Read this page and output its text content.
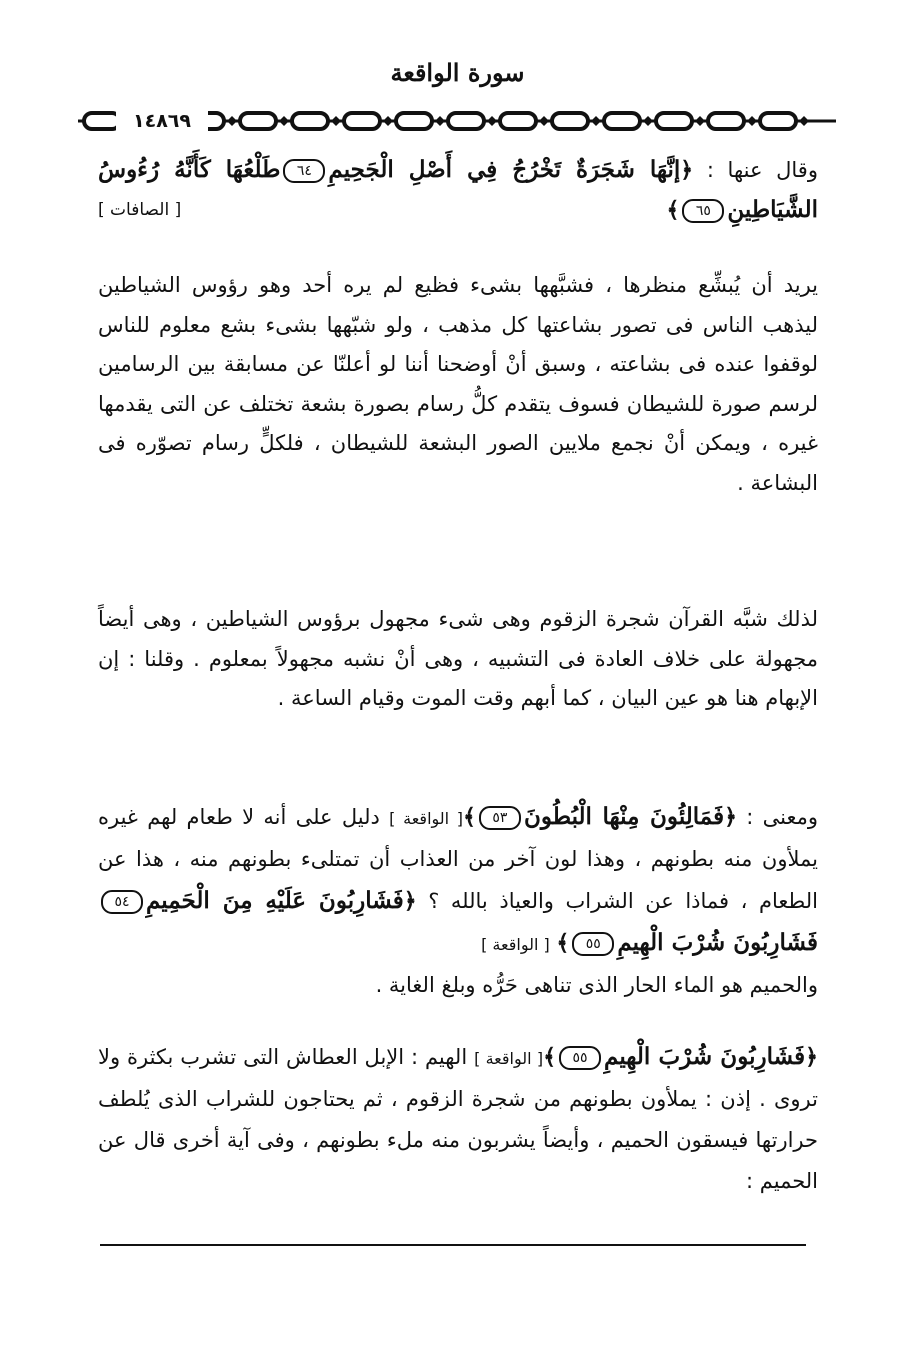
سورة الواقعة
١٤٨٦٩

وقال عنها : ﴿إنَّهَا شَجَرَةٌ تَخْرُجُ فِي أَصْلِ الْجَحِيمِ٦٤طَلْعُهَا كَأَنَّهُ رُءُوسُ الشَّيَاطِينِ٦٥﴾
[ الصافات ]

يريد أن يُبشِّع منظرها ، فشبَّهها بشىء فظيع لم يره أحد وهو رؤوس الشياطين ليذهب الناس فى تصور بشاعتها كل مذهب ، ولو شبّهها بشىء بشع معلوم للناس لوقفوا عنده فى بشاعته ، وسبق أنْ أوضحنا أننا لو أعلنّا عن مسابقة بين الرسامين لرسم صورة للشيطان فسوف يتقدم كلُّ رسام بصورة بشعة تختلف عن التى يقدمها غيره ، ويمكن أنْ نجمع ملايين الصور البشعة للشيطان ، فلكلٍّ رسام تصوّره فى البشاعة .

لذلك شبَّه القرآن شجرة الزقوم وهى شىء مجهول برؤوس الشياطين ، وهى أيضاً مجهولة على خلاف العادة فى التشبيه ، وهى أنْ نشبه مجهولاً بمعلوم . وقلنا : إن الإبهام هنا هو عين البيان ، كما أبهم وقت الموت وقيام الساعة .

ومعنى : ﴿فَمَالِئُونَ مِنْهَا الْبُطُونَ٥٣﴾[ الواقعة ] دليل على أنه لا طعام لهم غيره يملأون منه بطونهم ، وهذا لون آخر من العذاب أن تمتلىء بطونهم منه ، هذا عن الطعام ، فماذا عن الشراب والعياذ بالله ؟ ﴿فَشَارِبُونَ عَلَيْهِ مِنَ الْحَمِيمِ٥٤فَشَارِبُونَ شُرْبَ الْهِيمِ٥٥﴾ [ الواقعة ]
والحميم هو الماء الحار الذى تناهى حَرُّه وبلغ الغاية .

﴿فَشَارِبُونَ شُرْبَ الْهِيمِ٥٥﴾[ الواقعة ] الهيم : الإبل العطاش التى تشرب بكثرة ولا تروى . إذن : يملأون بطونهم من شجرة الزقوم ، ثم يحتاجون للشراب الذى يُلطف حرارتها فيسقون الحميم ، وأيضاً يشربون منه ملء بطونهم ، وفى آية أخرى قال عن الحميم :
